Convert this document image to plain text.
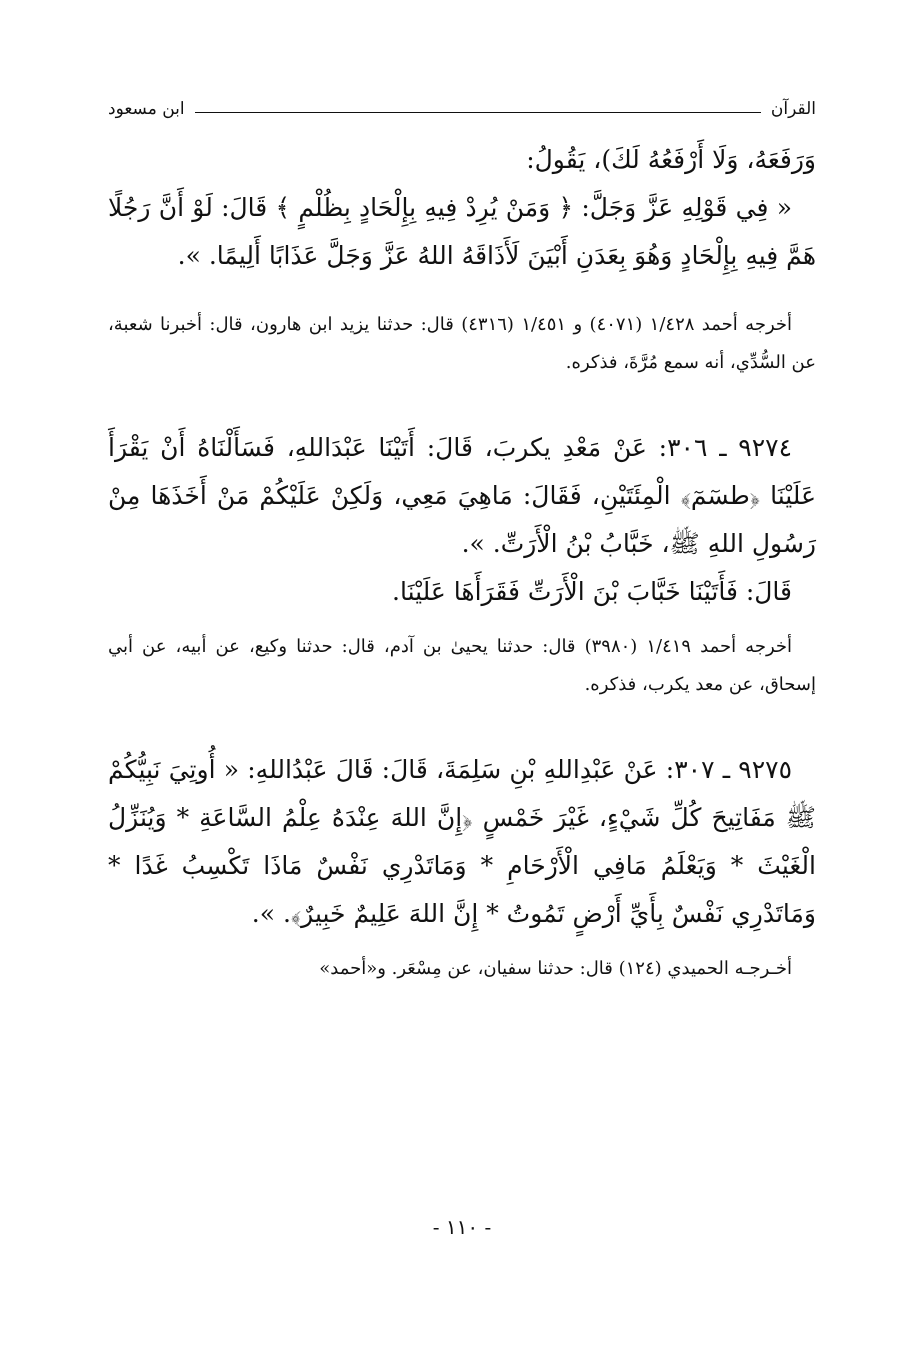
القرآن
ابن مسعود

وَرَفَعَهُ، وَلَا أَرْفَعُهُ لَكَ)، يَقُولُ:

« فِي قَوْلِهِ عَزَّ وَجَلَّ: ﴿ وَمَنْ يُرِدْ فِيهِ بِإِلْحَادٍ بِظُلْمٍ ﴾ قَالَ: لَوْ أَنَّ رَجُلًا هَمَّ فِيهِ بِإِلْحَادٍ وَهُوَ بِعَدَنِ أَبْيَنَ لَأَذَاقَهُ اللهُ عَزَّ وَجَلَّ عَذَابًا أَلِيمًا. ».

أخرجه أحمد ١/٤٢٨ (٤٠٧١) و ١/٤٥١ (٤٣١٦) قال: حدثنا يزيد ابن هارون، قال: أخبرنا شعبة، عن السُّدِّي، أنه سمع مُرَّةَ، فذكره.

٩٢٧٤ ـ ٣٠٦: عَنْ مَعْدِ يكربَ، قَالَ: أَتَيْنَا عَبْدَاللهِ، فَسَأَلْنَاهُ أَنْ يَقْرَأَ عَلَيْنَا ﴿طسٓمٓ﴾ الْمِئَتَيْنِ، فَقَالَ: مَاهِيَ مَعِي، وَلَكِنْ عَلَيْكُمْ مَنْ أَخَذَهَا مِنْ رَسُولِ اللهِ ﷺ، خَبَّابُ بْنُ الْأَرَتِّ. ».

قَالَ: فَأَتَيْنَا خَبَّابَ بْنَ الْأَرَتِّ فَقَرَأَهَا عَلَيْنَا.

أخرجه أحمد ١/٤١٩ (٣٩٨٠) قال: حدثنا يحيىٰ بن آدم، قال: حدثنا وكيع، عن أبيه، عن أبي إسحاق، عن معد يكرب، فذكره.

٩٢٧٥ ـ ٣٠٧: عَنْ عَبْدِاللهِ بْنِ سَلِمَةَ، قَالَ: قَالَ عَبْدُاللهِ: « أُوتِيَ نَبِيُّكُمْ ﷺ مَفَاتِيحَ كُلِّ شَيْءٍ، غَيْرَ خَمْسٍ ﴿إِنَّ اللهَ عِنْدَهُ عِلْمُ السَّاعَةِ * وَيُنَزِّلُ الْغَيْثَ * وَيَعْلَمُ مَافِي الْأَرْحَامِ * وَمَاتَدْرِي نَفْسٌ مَاذَا تَكْسِبُ غَدًا * وَمَاتَدْرِي نَفْسٌ بِأَيِّ أَرْضٍ تَمُوتُ * إِنَّ اللهَ عَلِيمٌ خَبِيرٌ﴾. ».

أخـرجـه الحميدي (١٢٤) قال: حدثنا سفيان، عن مِسْعَر. و«أحمد»

- ١١٠ -
